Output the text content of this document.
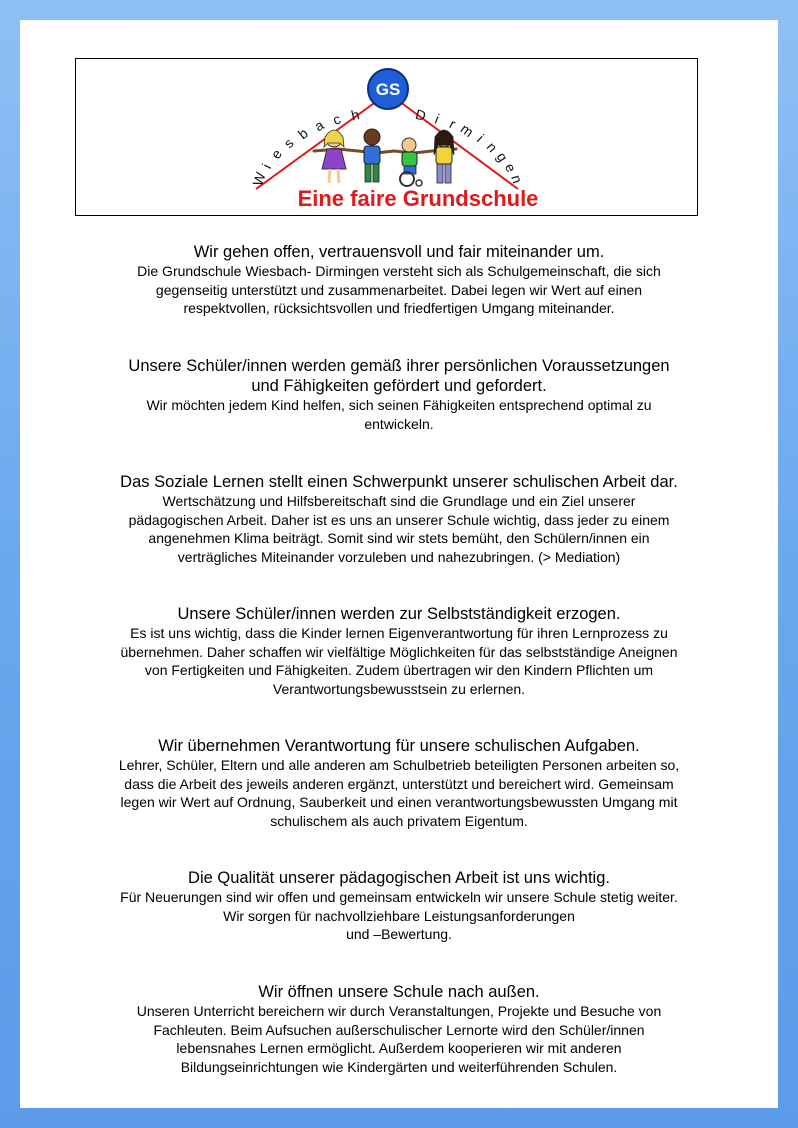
W
i
e
s
b a c h	D i r m
i
n
g
e
n
GS
Eine faire Grundschule
Wir gehen offen, vertrauensvoll und fair miteinander um.
Die Grundschule Wiesbach- Dirmingen versteht sich als Schulgemeinschaft, die sich
gegenseitig unterstützt und zusammenarbeitet. Dabei legen wir Wert auf einen
respektvollen, rücksichtsvollen und friedfertigen Umgang miteinander.
Unsere Schüler/innen werden gemäß ihrer persönlichen Voraussetzungen
und Fähigkeiten gefördert und gefordert.
Wir möchten jedem Kind helfen, sich seinen Fähigkeiten entsprechend optimal zu
entwickeln.
Das Soziale Lernen stellt einen Schwerpunkt unserer schulischen Arbeit dar.
Wertschätzung und Hilfsbereitschaft sind die Grundlage und ein Ziel unserer
pädagogischen Arbeit. Daher ist es uns an unserer Schule wichtig, dass jeder zu einem
angenehmen Klima beiträgt. Somit sind wir stets bemüht, den Schülern/innen ein
verträgliches Miteinander vorzuleben und nahezubringen. (> Mediation)
Unsere Schüler/innen werden zur Selbstständigkeit erzogen.
Es ist uns wichtig, dass die Kinder lernen Eigenverantwortung für ihren Lernprozess zu
übernehmen. Daher schaffen wir vielfältige Möglichkeiten für das selbstständige Aneignen
von Fertigkeiten und Fähigkeiten. Zudem übertragen wir den Kindern Pflichten um
Verantwortungsbewusstsein zu erlernen.
Wir übernehmen Verantwortung für unsere schulischen Aufgaben.
Lehrer, Schüler, Eltern und alle anderen am Schulbetrieb beteiligten Personen arbeiten so,
dass die Arbeit des jeweils anderen ergänzt, unterstützt und bereichert wird. Gemeinsam
legen wir Wert auf Ordnung, Sauberkeit und einen verantwortungsbewussten Umgang mit
schulischem als auch privatem Eigentum.
Die Qualität unserer pädagogischen Arbeit ist uns wichtig.
Für Neuerungen sind wir offen und gemeinsam entwickeln wir unsere Schule stetig weiter.
Wir sorgen für nachvollziehbare Leistungsanforderungen
und –Bewertung.
Wir öffnen unsere Schule nach außen.
Unseren Unterricht bereichern wir durch Veranstaltungen, Projekte und Besuche von
Fachleuten. Beim Aufsuchen außerschulischer Lernorte wird den Schüler/innen
lebensnahes Lernen ermöglicht. Außerdem kooperieren wir mit anderen
Bildungseinrichtungen wie Kindergärten und weiterführenden Schulen.
